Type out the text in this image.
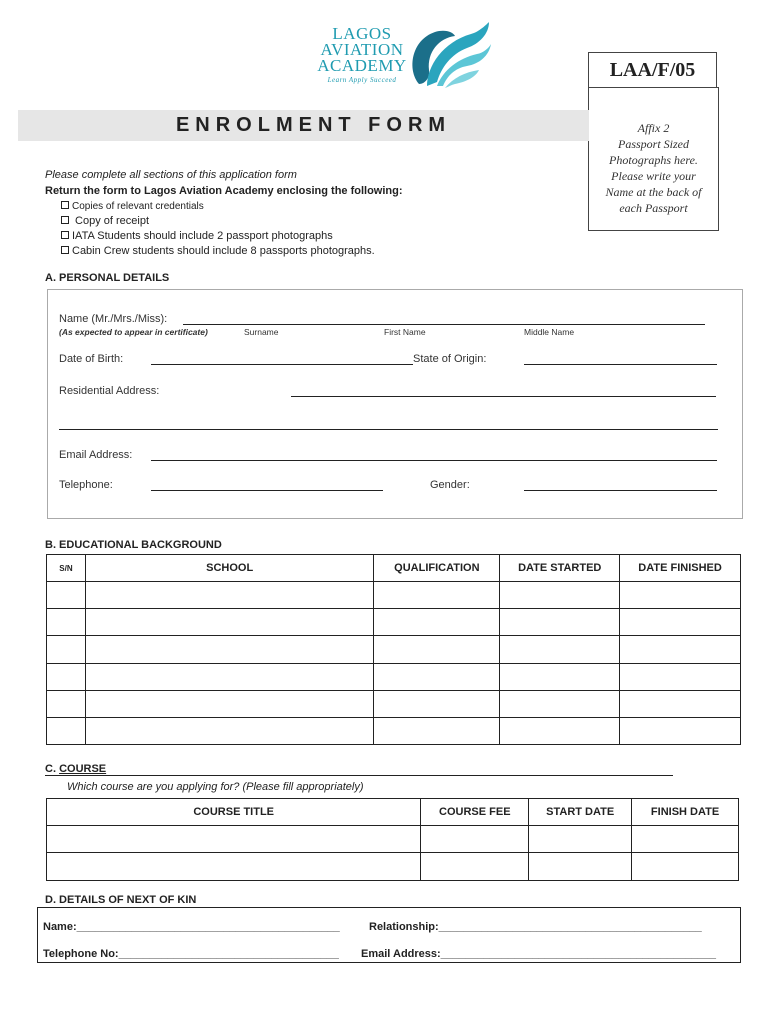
LAGOS
AVIATION
ACADEMY
Learn Apply Succeed	LAA/F/05
Affix 2
Passport Sized
Photographs here.
Please write your
Name at the back of
each Passport
ENROLMENT FORM
Please complete all sections of this application form
Return the form to Lagos Aviation Academy enclosing the following:
Copies of relevant credentials
Copy of receipt
IATA Students should include 2 passport photographs
Cabin Crew students should include 8 passports photographs.
A. PERSONAL DETAILS
Name (Mr./Mrs./Miss):
(As expected to appear in certificate)	Surname	First Name	Middle Name
Date of Birth:	State of Origin:
Residential Address:
Email Address:
Telephone:	Gender:
B. EDUCATIONAL BACKGROUND
S/N	SCHOOL	QUALIFICATION	DATE STARTED	DATE FINISHED

C. COURSE
Which course are you applying for? (Please fill appropriately)
COURSE TITLE	COURSE FEE	START DATE	FINISH DATE

D. DETAILS OF NEXT OF KIN
Name:___________________________________________	Relationship:___________________________________________
Telephone No:____________________________________ Email Address:_____________________________________________
